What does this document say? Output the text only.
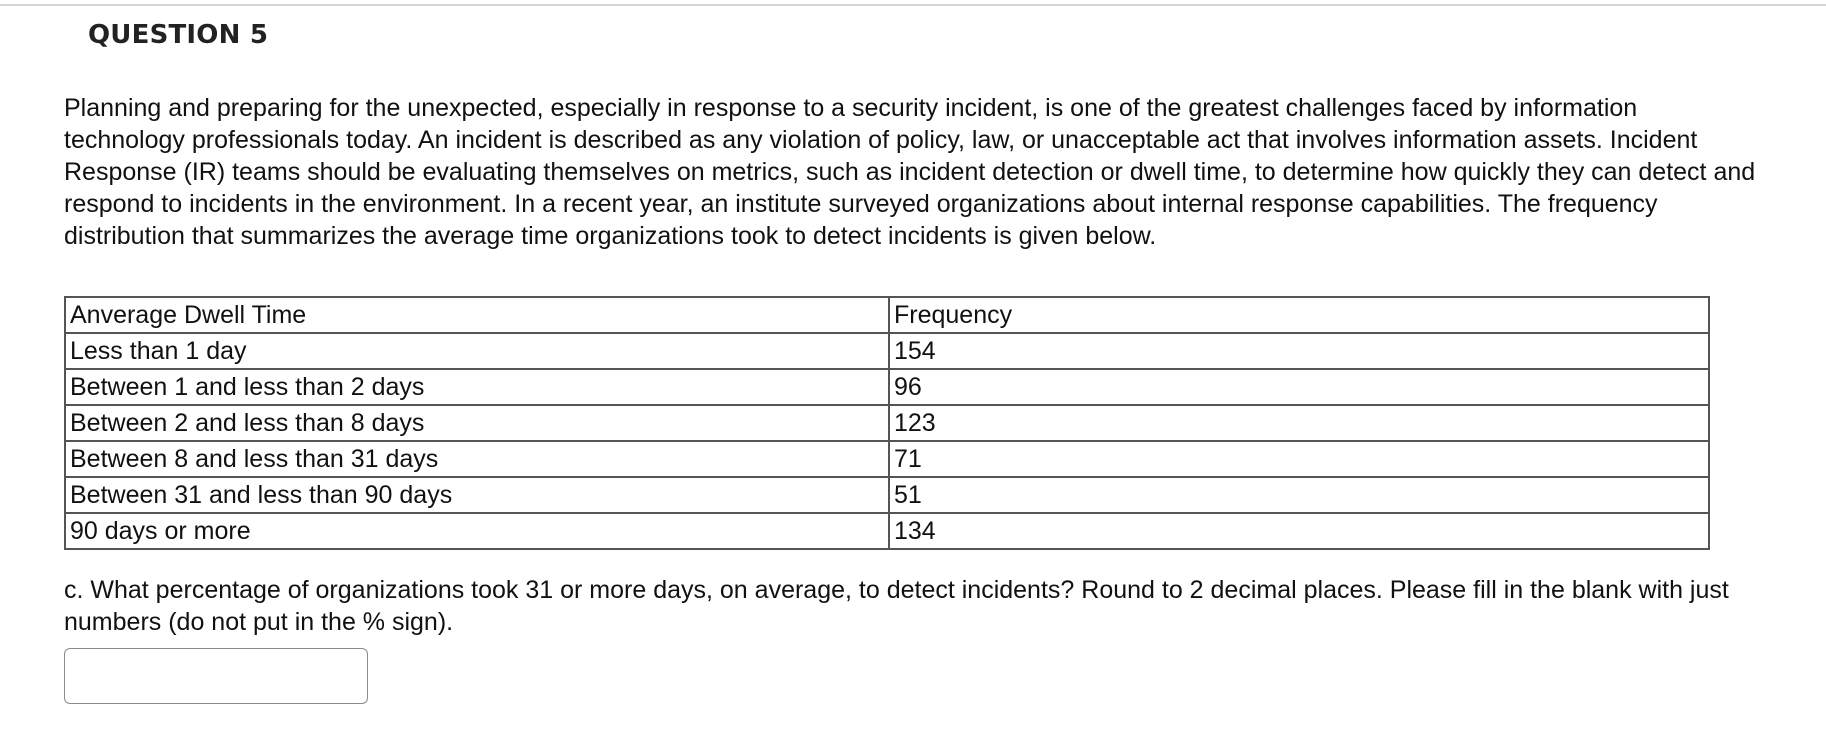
QUESTION 5
Planning and preparing for the unexpected, especially in response to a security incident, is one of the greatest challenges faced by information technology professionals today. An incident is described as any violation of policy, law, or unacceptable act that involves information assets. Incident Response (IR) teams should be evaluating themselves on metrics, such as incident detection or dwell time, to determine how quickly they can detect and respond to incidents in the environment. In a recent year, an institute surveyed organizations about internal response capabilities. The frequency distribution that summarizes the average time organizations took to detect incidents is given below.
Anverage Dwell Time	Frequency
Less than 1 day	154
Between 1 and less than 2 days	96
Between 2 and less than 8 days	123
Between 8 and less than 31 days	71
Between 31 and less than 90 days	51
90 days or more	134
c. What percentage of organizations took 31 or more days, on average, to detect incidents? Round to 2 decimal places. Please fill in the blank with just numbers (do not put in the % sign).
